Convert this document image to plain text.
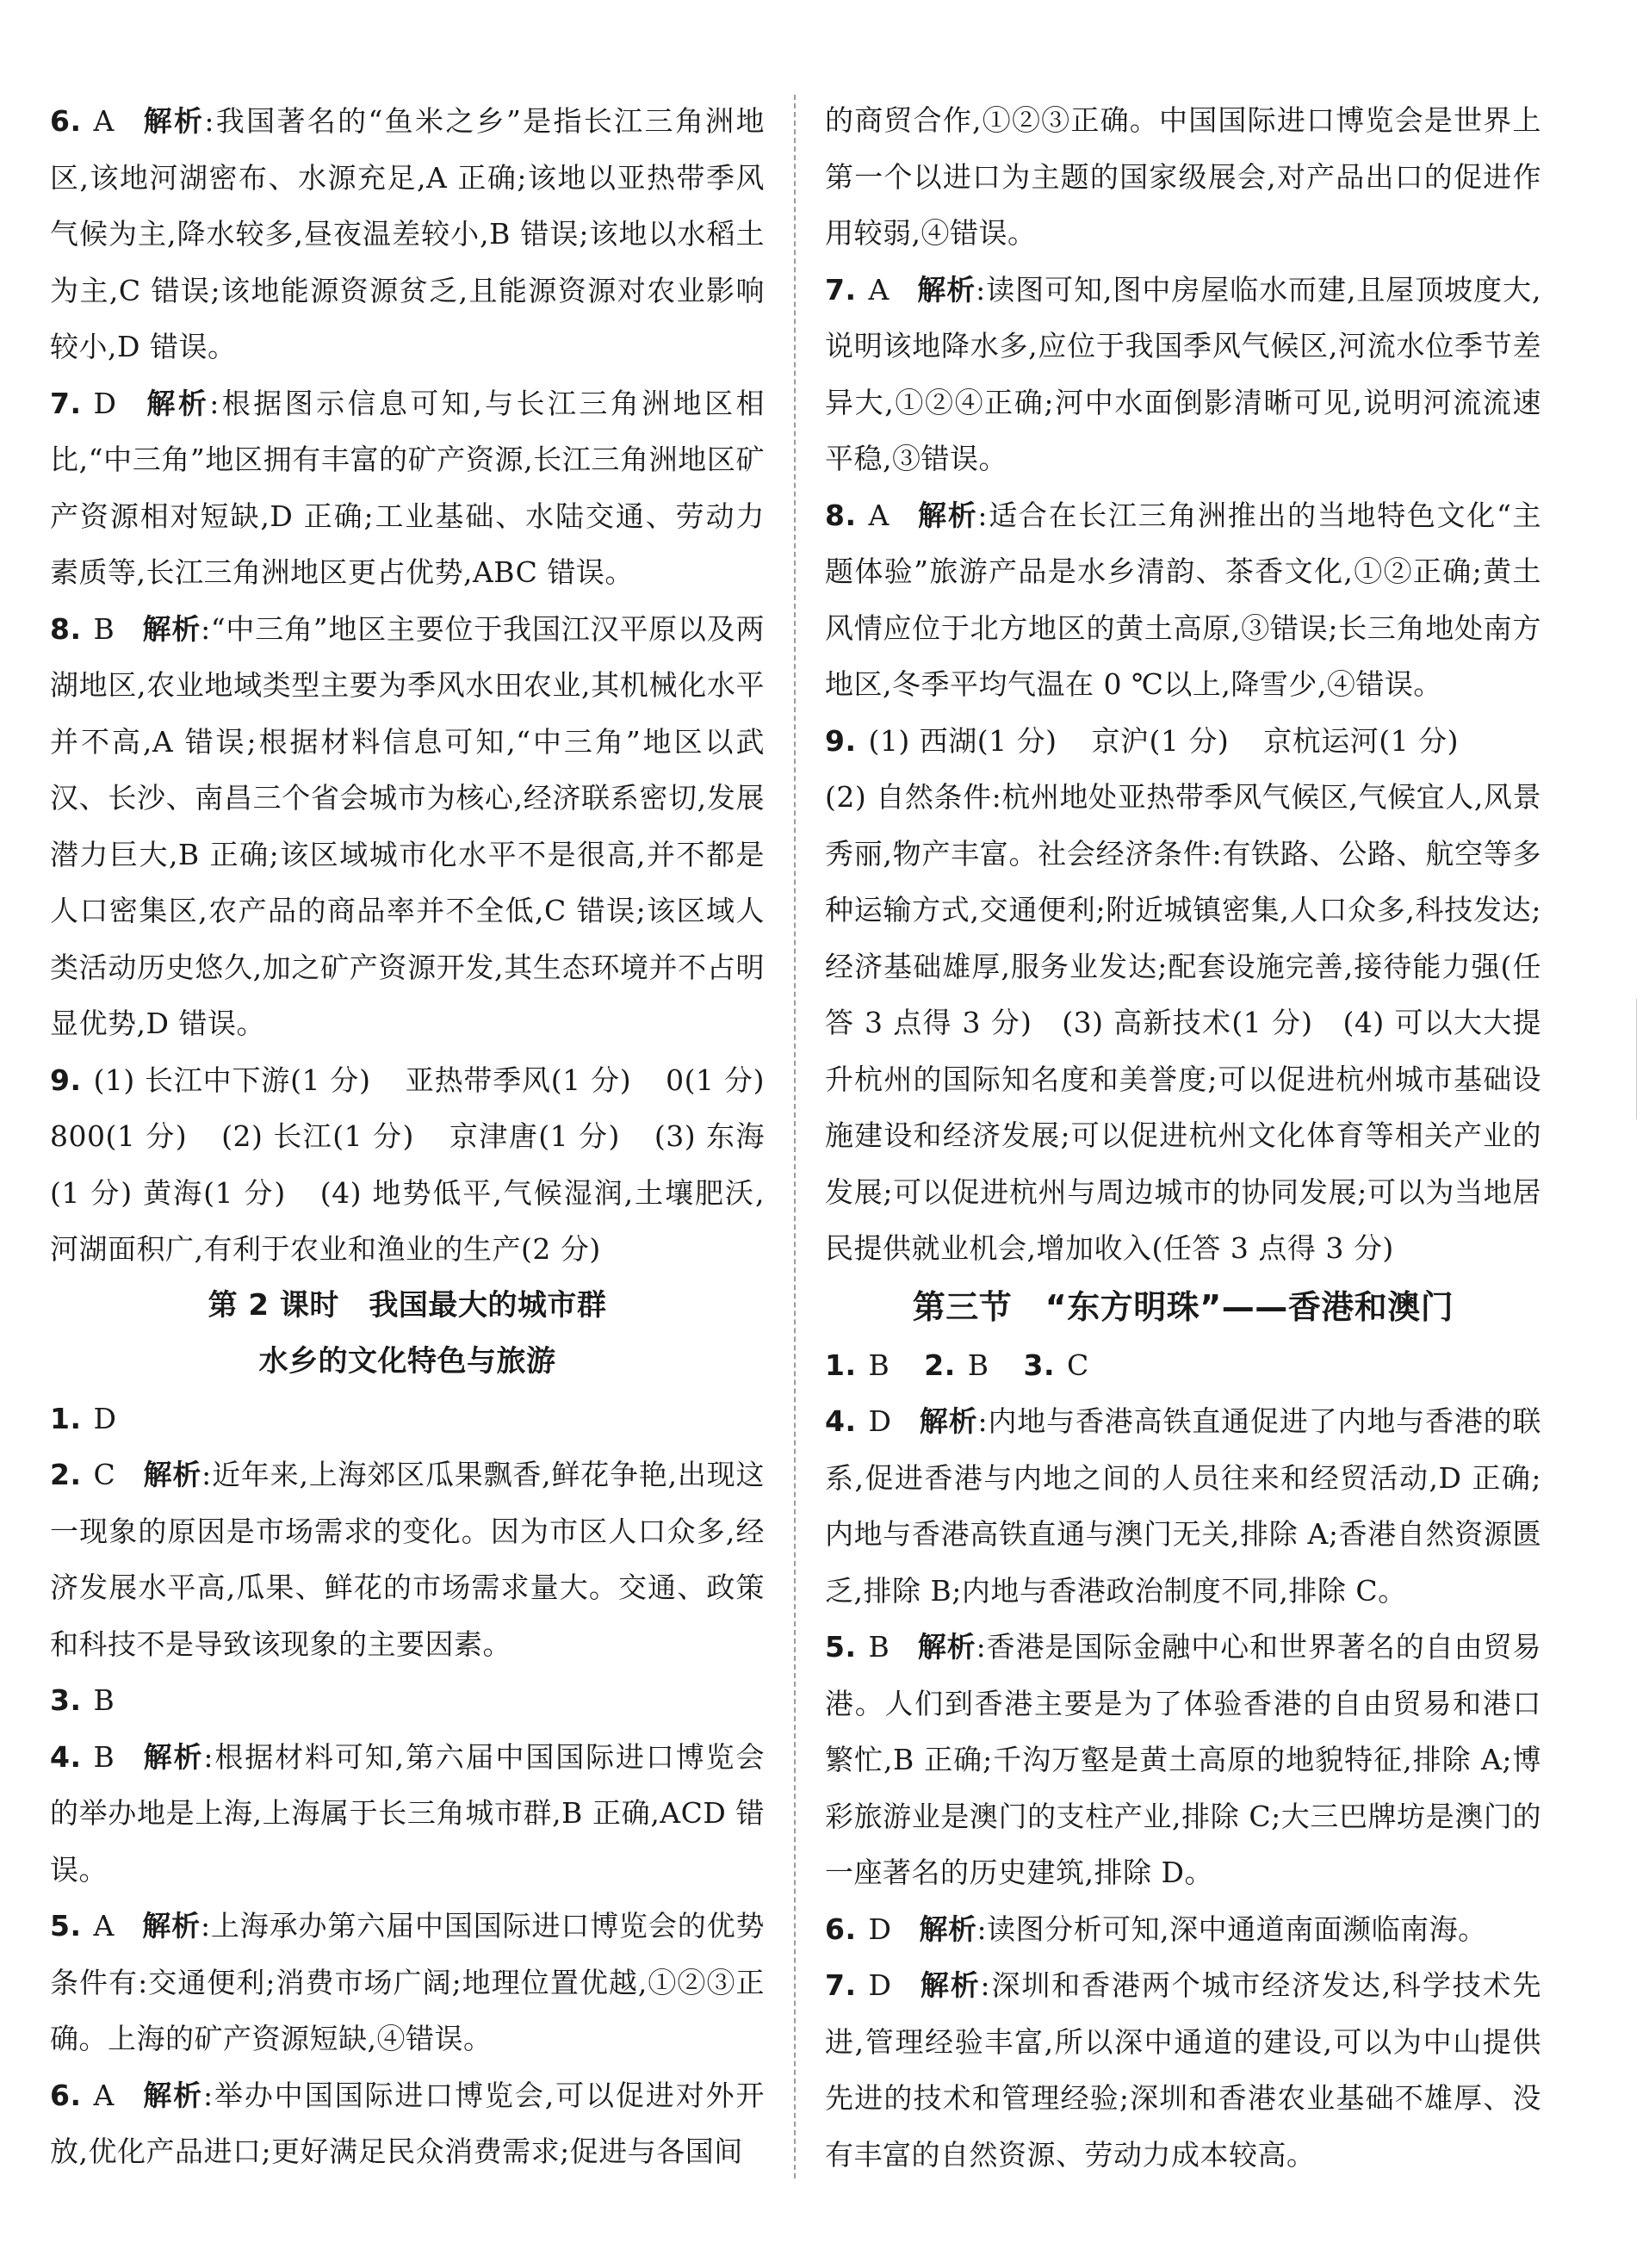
6. A 解析:我国著名的“鱼米之乡”是指长江三角洲地区,该地河湖密布、水源充足,A 正确;该地以亚热带季风气候为主,降水较多,昼夜温差较小,B 错误;该地以水稻土为主,C 错误;该地能源资源贫乏,且能源资源对农业影响较小,D 错误。

7. D 解析:根据图示信息可知,与长江三角洲地区相比,“中三角”地区拥有丰富的矿产资源,长江三角洲地区矿产资源相对短缺,D 正确;工业基础、水陆交通、劳动力素质等,长江三角洲地区更占优势,ABC 错误。

8. B 解析:“中三角”地区主要位于我国江汉平原以及两湖地区,农业地域类型主要为季风水田农业,其机械化水平并不高,A 错误;根据材料信息可知,“中三角”地区以武汉、长沙、南昌三个省会城市为核心,经济联系密切,发展潜力巨大,B 正确;该区域城市化水平不是很高,并不都是人口密集区,农产品的商品率并不全低,C 错误;该区域人类活动历史悠久,加之矿产资源开发,其生态环境并不占明显优势,D 错误。

9. (1) 长江中下游(1 分) 亚热带季风(1 分) 0(1 分) 800(1 分) (2) 长江(1 分) 京津唐(1 分) (3) 东海(1 分) 黄海(1 分) (4) 地势低平,气候湿润,土壤肥沃,河湖面积广,有利于农业和渔业的生产(2 分)

第 2 课时　我国最大的城市群

水乡的文化特色与旅游

1. D

2. C 解析:近年来,上海郊区瓜果飘香,鲜花争艳,出现这一现象的原因是市场需求的变化。因为市区人口众多,经济发展水平高,瓜果、鲜花的市场需求量大。交通、政策和科技不是导致该现象的主要因素。

3. B

4. B 解析:根据材料可知,第六届中国国际进口博览会的举办地是上海,上海属于长三角城市群,B 正确,ACD 错误。

5. A 解析:上海承办第六届中国国际进口博览会的优势条件有:交通便利;消费市场广阔;地理位置优越,①②③正确。上海的矿产资源短缺,④错误。

6. A 解析:举办中国国际进口博览会,可以促进对外开放,优化产品进口;更好满足民众消费需求;促进与各国间

的商贸合作,①②③正确。中国国际进口博览会是世界上第一个以进口为主题的国家级展会,对产品出口的促进作用较弱,④错误。

7. A 解析:读图可知,图中房屋临水而建,且屋顶坡度大,说明该地降水多,应位于我国季风气候区,河流水位季节差异大,①②④正确;河中水面倒影清晰可见,说明河流流速平稳,③错误。

8. A 解析:适合在长江三角洲推出的当地特色文化“主题体验”旅游产品是水乡清韵、茶香文化,①②正确;黄土风情应位于北方地区的黄土高原,③错误;长三角地处南方地区,冬季平均气温在 0 ℃以上,降雪少,④错误。

9. (1) 西湖(1 分) 京沪(1 分) 京杭运河(1 分)
(2) 自然条件:杭州地处亚热带季风气候区,气候宜人,风景秀丽,物产丰富。社会经济条件:有铁路、公路、航空等多种运输方式,交通便利;附近城镇密集,人口众多,科技发达;经济基础雄厚,服务业发达;配套设施完善,接待能力强(任答 3 点得 3 分)　(3) 高新技术(1 分)　(4) 可以大大提升杭州的国际知名度和美誉度;可以促进杭州城市基础设施建设和经济发展;可以促进杭州文化体育等相关产业的发展;可以促进杭州与周边城市的协同发展;可以为当地居民提供就业机会,增加收入(任答 3 点得 3 分)

第三节　“东方明珠”——香港和澳门

1. B 2. B 3. C

4. D 解析:内地与香港高铁直通促进了内地与香港的联系,促进香港与内地之间的人员往来和经贸活动,D 正确;内地与香港高铁直通与澳门无关,排除 A;香港自然资源匮乏,排除 B;内地与香港政治制度不同,排除 C。

5. B 解析:香港是国际金融中心和世界著名的自由贸易港。人们到香港主要是为了体验香港的自由贸易和港口繁忙,B 正确;千沟万壑是黄土高原的地貌特征,排除 A;博彩旅游业是澳门的支柱产业,排除 C;大三巴牌坊是澳门的一座著名的历史建筑,排除 D。

6. D 解析:读图分析可知,深中通道南面濒临南海。

7. D 解析:深圳和香港两个城市经济发达,科学技术先进,管理经验丰富,所以深中通道的建设,可以为中山提供先进的技术和管理经验;深圳和香港农业基础不雄厚、没有丰富的自然资源、劳动力成本较高。
